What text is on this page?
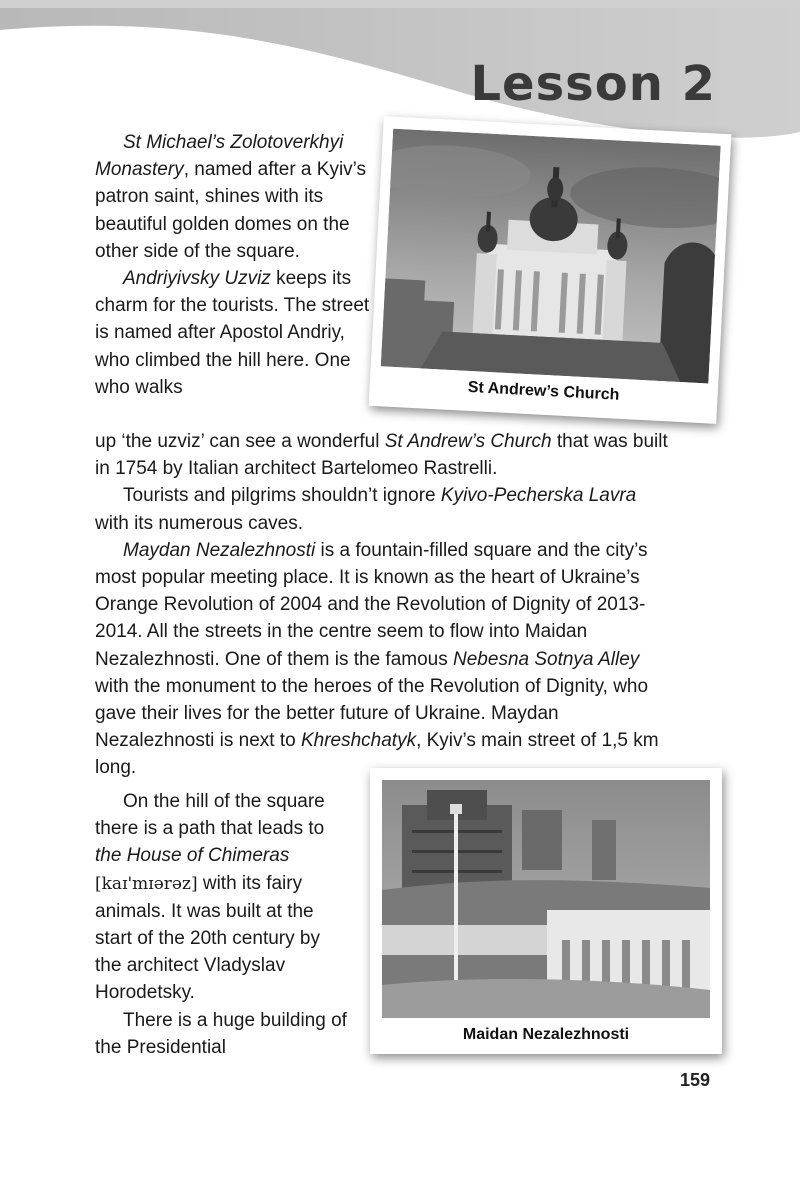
Lesson 2

St Michael’s Zolotoverkhyi Monastery, named after a Kyiv’s patron saint, shines with its beautiful golden domes on the other side of the square.

Andriyivsky Uzviz keeps its charm for the tourists. The street is named after Apostol Andriy, who climbed the hill here. One who walks

up ‘the uzviz’ can see a wonderful St Andrew’s Church that was built in 1754 by Italian architect Bartelomeo Rastrelli.

Tourists and pilgrims shouldn’t ignore Kyivo-Pecherska Lavra with its numerous caves.

Maydan Nezalezhnosti is a fountain-filled square and the city’s most popular meeting place. It is known as the heart of Ukraine’s Orange Revolution of 2004 and the Revolution of Dignity of 2013-2014. All the streets in the centre seem to flow into Maidan Nezalezhnosti. One of them is the famous Nebesna Sotnya Alley with the monument to the heroes of the Revolution of Dignity, who gave their lives for the better future of Ukraine. Maydan Nezalezhnosti is next to Khreshchatyk, Kyiv’s main street of 1,5 km long.

On the hill of the square there is a path that leads to the House of Chimeras [kaɪ'mɪərəz] with its fairy animals. It was built at the start of the 20th century by the architect Vladyslav Horodetsky.

There is a huge building of the Presidential

St Andrew’s Church
Maidan Nezalezhnosti

159
